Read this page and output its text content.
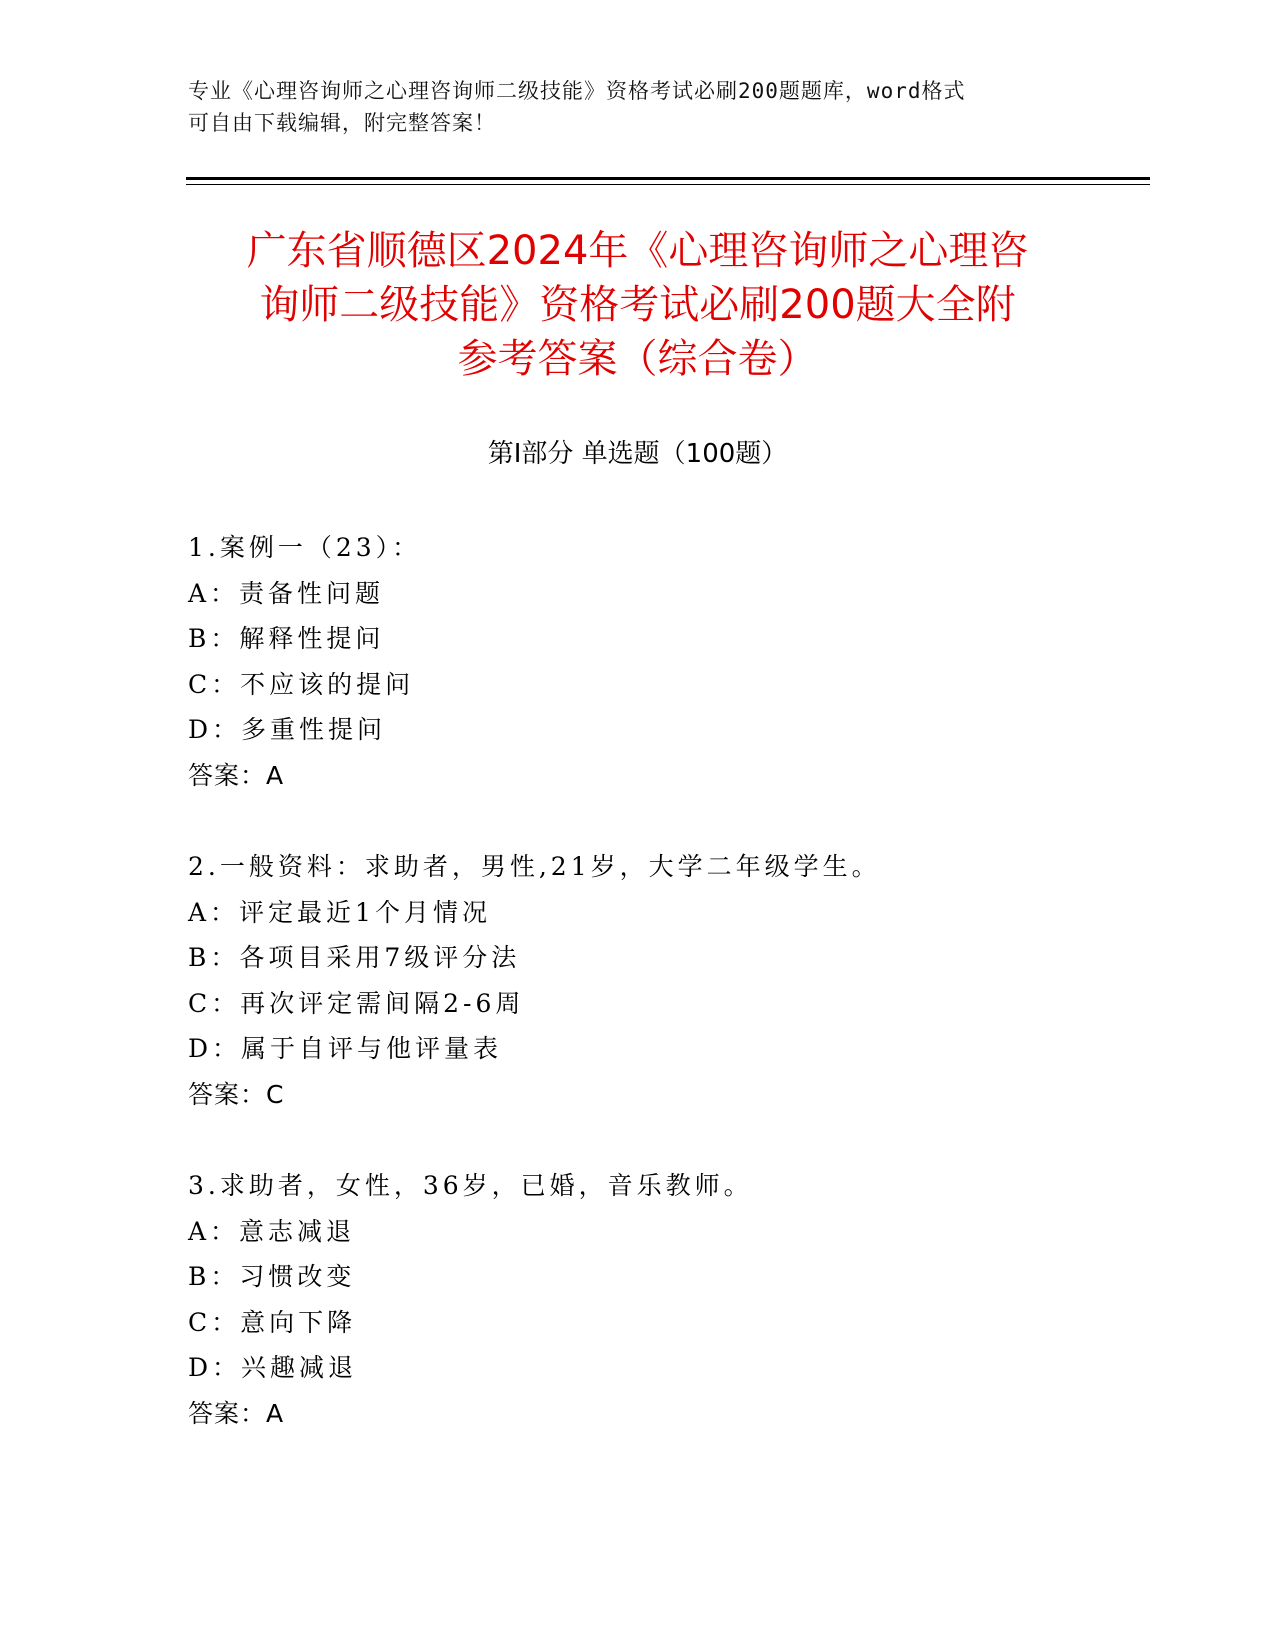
专业《心理咨询师之心理咨询师二级技能》资格考试必刷200题题库，word格式
可自由下载编辑，附完整答案！
广东省顺德区2024年《心理咨询师之心理咨
询师二级技能》资格考试必刷200题大全附
参考答案（综合卷）
第Ⅰ部分 单选题（100题）
1.案例一（23）：
A：责备性问题
B：解释性提问
C：不应该的提问
D：多重性提问
答案：A
2.一般资料：求助者，男性,21岁，大学二年级学生。
A：评定最近1个月情况
B：各项目采用7级评分法
C：再次评定需间隔2-6周
D：属于自评与他评量表
答案：C
3.求助者，女性，36岁，已婚，音乐教师。
A：意志减退
B：习惯改变
C：意向下降
D：兴趣减退
答案：A
